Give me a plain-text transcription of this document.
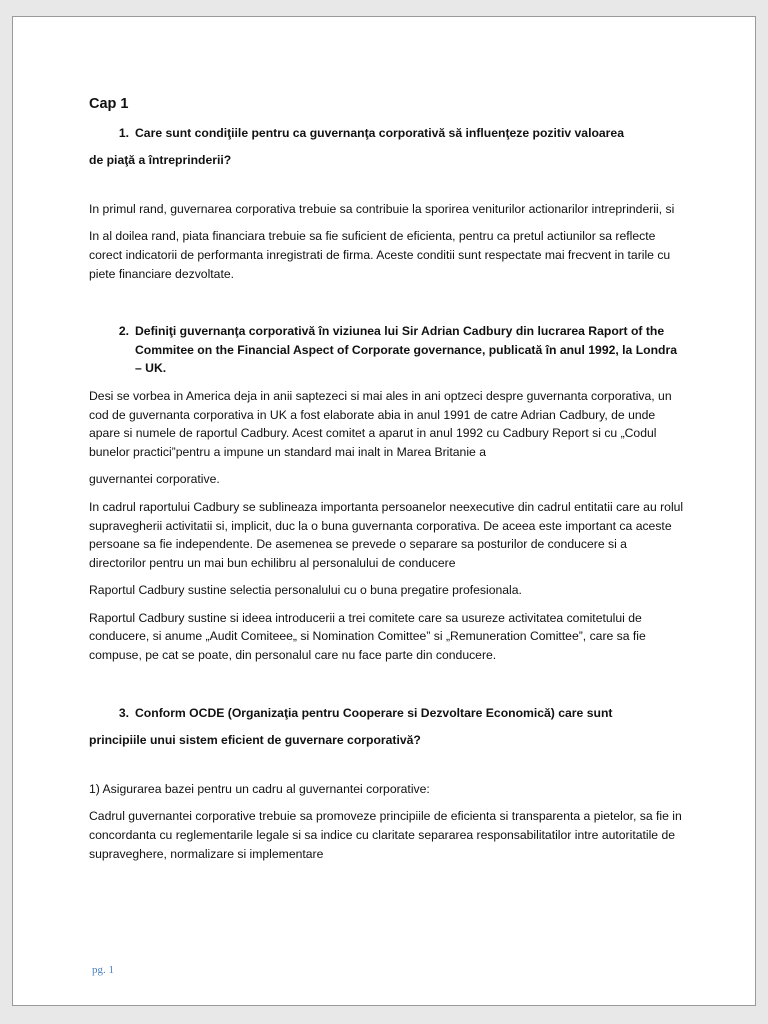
Cap 1

1. Care sunt condiţiile pentru ca guvernanţa corporativă să influenţeze pozitiv valoarea

de piaţă a întreprinderii?

In primul rand, guvernarea corporativa trebuie sa contribuie la sporirea veniturilor actionarilor intreprinderii, si

In al doilea rand, piata financiara trebuie sa fie suficient de eficienta, pentru ca pretul actiunilor sa reflecte corect indicatorii de performanta inregistrati de firma. Aceste conditii sunt respectate mai frecvent in tarile cu piete financiare dezvoltate.

2. Definiţi guvernanţa corporativă în viziunea lui Sir Adrian Cadbury din lucrarea Raport of the Commitee on the Financial Aspect of Corporate governance, publicată în anul 1992, la Londra – UK.

Desi se vorbea in America deja in anii saptezeci si mai ales in ani optzeci despre guvernanta corporativa, un cod de guvernanta corporativa in UK a fost elaborate abia in anul 1991 de catre Adrian Cadbury, de unde apare si numele de raportul Cadbury. Acest comitet a aparut in anul 1992 cu Cadbury Report si cu „Codul bunelor practici”pentru a impune un standard mai inalt in Marea Britanie a

guvernantei corporative.

In cadrul raportului Cadbury se sublineaza importanta persoanelor neexecutive din cadrul entitatii care au rolul supravegherii activitatii si, implicit, duc la o buna guvernanta corporativa. De aceea este important ca aceste persoane sa fie independente. De asemenea se prevede o separare sa posturilor de conducere si a directorilor pentru un mai bun echilibru al personalului de conducere

Raportul Cadbury sustine selectia personalului cu o buna pregatire profesionala.

Raportul Cadbury sustine si ideea introducerii a trei comitete care sa usureze activitatea comitetului de conducere, si anume „Audit Comiteee„ si Nomination Comittee” si „Remuneration Comittee”, care sa fie compuse, pe cat se poate, din personalul care nu face parte din conducere.

3. Conform OCDE (Organizaţia pentru Cooperare si Dezvoltare Economică) care sunt

principiile unui sistem eficient de guvernare corporativă?

1) Asigurarea bazei pentru un cadru al guvernantei corporative:

Cadrul guvernantei corporative trebuie sa promoveze principiile de eficienta si transparenta a pietelor, sa fie in concordanta cu reglementarile legale si sa indice cu claritate separarea responsabilitatilor intre autoritatile de supraveghere, normalizare si implementare

pg. 1
